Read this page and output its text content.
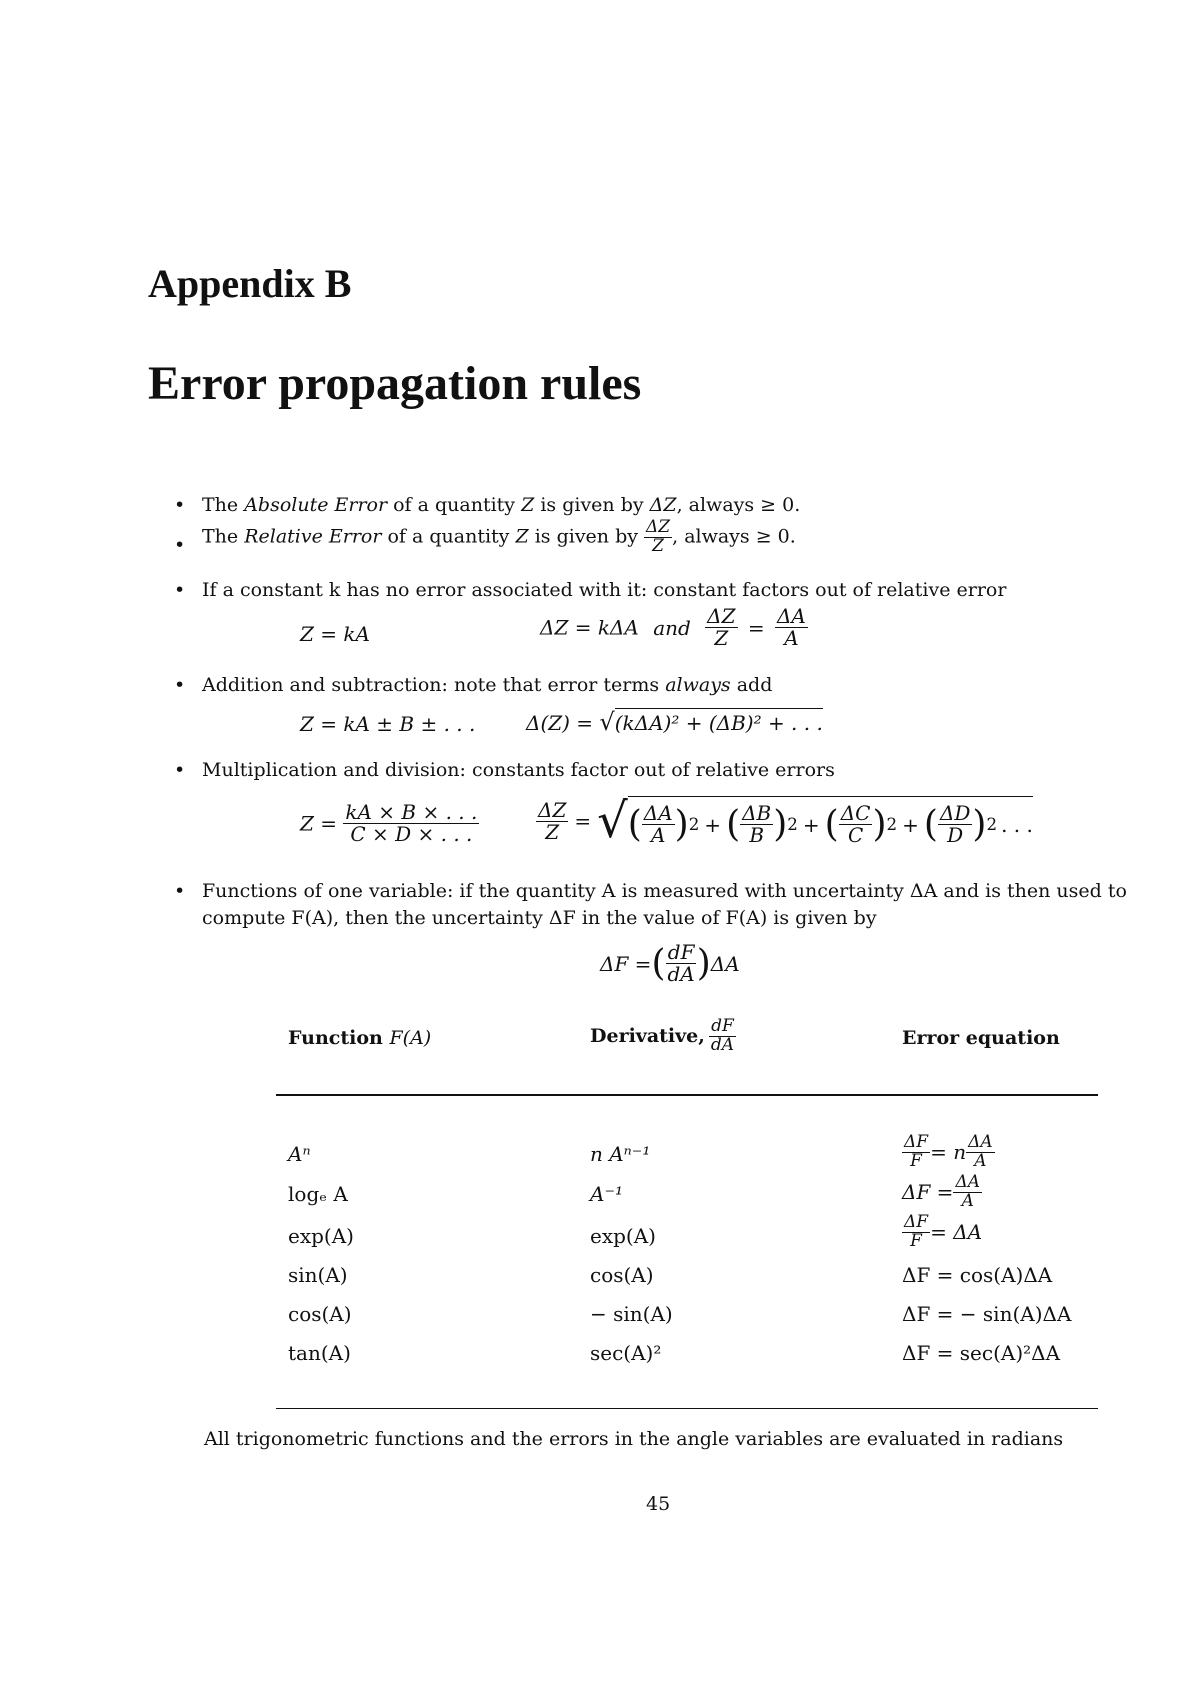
Appendix B
Error propagation rules
• The Absolute Error of a quantity Z is given by ΔZ, always ≥ 0.
• The Relative Error of a quantity Z is given by $\frac{\Delta Z}{Z}$ , always ≥ 0.
• If a constant k has no error associated with it: constant factors out of relative error
Z = kA	ΔZ = kΔA and $\frac{\Delta Z}{Z} = \frac{\Delta A}{A}$
• Addition and subtraction: note that error terms always add
Z = kA ± B ± . . .	Δ(Z) = √(kΔA)² + (ΔB)² + . . .
• Multiplication and division: constants factor out of relative errors
$Z = \frac{kA \times B \times . . .}{C \times D \times . . .}$	$\frac{\Delta Z}{Z}$ = √ ( $\frac{\Delta A}{A}$ ) 2 + ( $\frac{\Delta B}{B}$ ) 2 + ( $\frac{\Delta C}{C}$ ) 2 + ( $\frac{\Delta D}{D}$ ) 2 . . .
• Functions of one variable: if the quantity A is measured with uncertainty ΔA and is then used to
compute F(A), then the uncertainty ΔF in the value of F(A) is given by
ΔF = ( $\frac{dF}{dA}$ ) ΔA
Function F(A)	Derivative, $\frac{dF}{dA}$	Error equation
Aⁿ	n Aⁿ⁻¹	$\frac{\Delta F}{F} = n \frac{\Delta A}{A}$
logₑ A	A⁻¹	$\Delta F = \frac{\Delta A}{A}$
exp(A)	exp(A)	$\frac{\Delta F}{F} = \Delta A$
sin(A)	cos(A)	ΔF = cos(A)ΔA
cos(A)	− sin(A)	ΔF = − sin(A)ΔA
tan(A)	sec(A)²	ΔF = sec(A)²ΔA
All trigonometric functions and the errors in the angle variables are evaluated in radians
45
